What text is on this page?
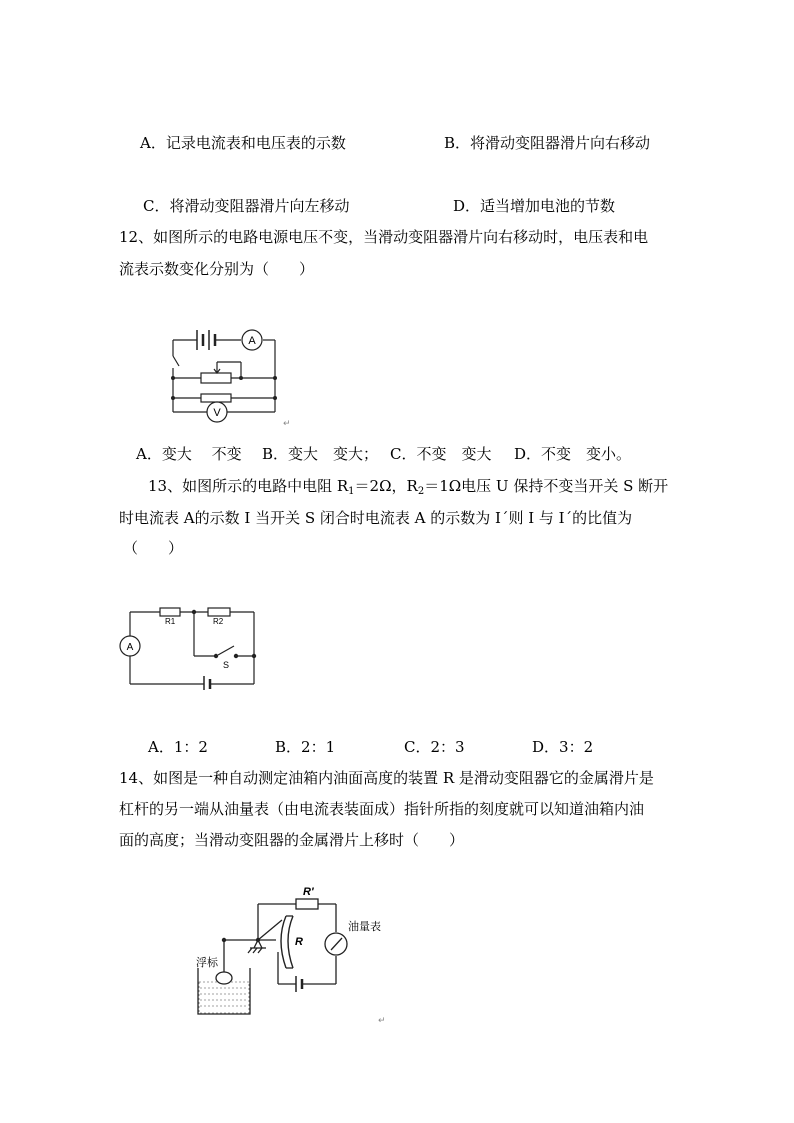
A．记录电流表和电压表的示数	B．将滑动变阻器滑片向右移动
C．将滑动变阻器滑片向左移动	D．适当增加电池的节数
12、如图所示的电路电源电压不变，当滑动变阻器滑片向右移动时，电压表和电
流表示数变化分别为（　　）
A
V
↵
A．变大　 不变 B．变大　变大； C．不变　变大 D．不变　变小。
13、如图所示的电路中电阻 $R_1=2\Omega$，$R_2=1\Omega$电压 U 保持不变当开关 S 断开
时电流表 A的示数 I 当开关 S 闭合时电流表 A 的示数为 Iˊ则 I 与 Iˊ的比值为
（　　）
A
R1	R2
S
A．1：2	B．2：1	C．2：3	D．3：2
14、如图是一种自动测定油箱内油面高度的装置 R 是滑动变阻器它的金属滑片是
杠杆的另一端从油量表（由电流表装面成）指针所指的刻度就可以知道油箱内油
面的高度；当滑动变阻器的金属滑片上移时（　　）
R′
R
油量表
浮标
↵
